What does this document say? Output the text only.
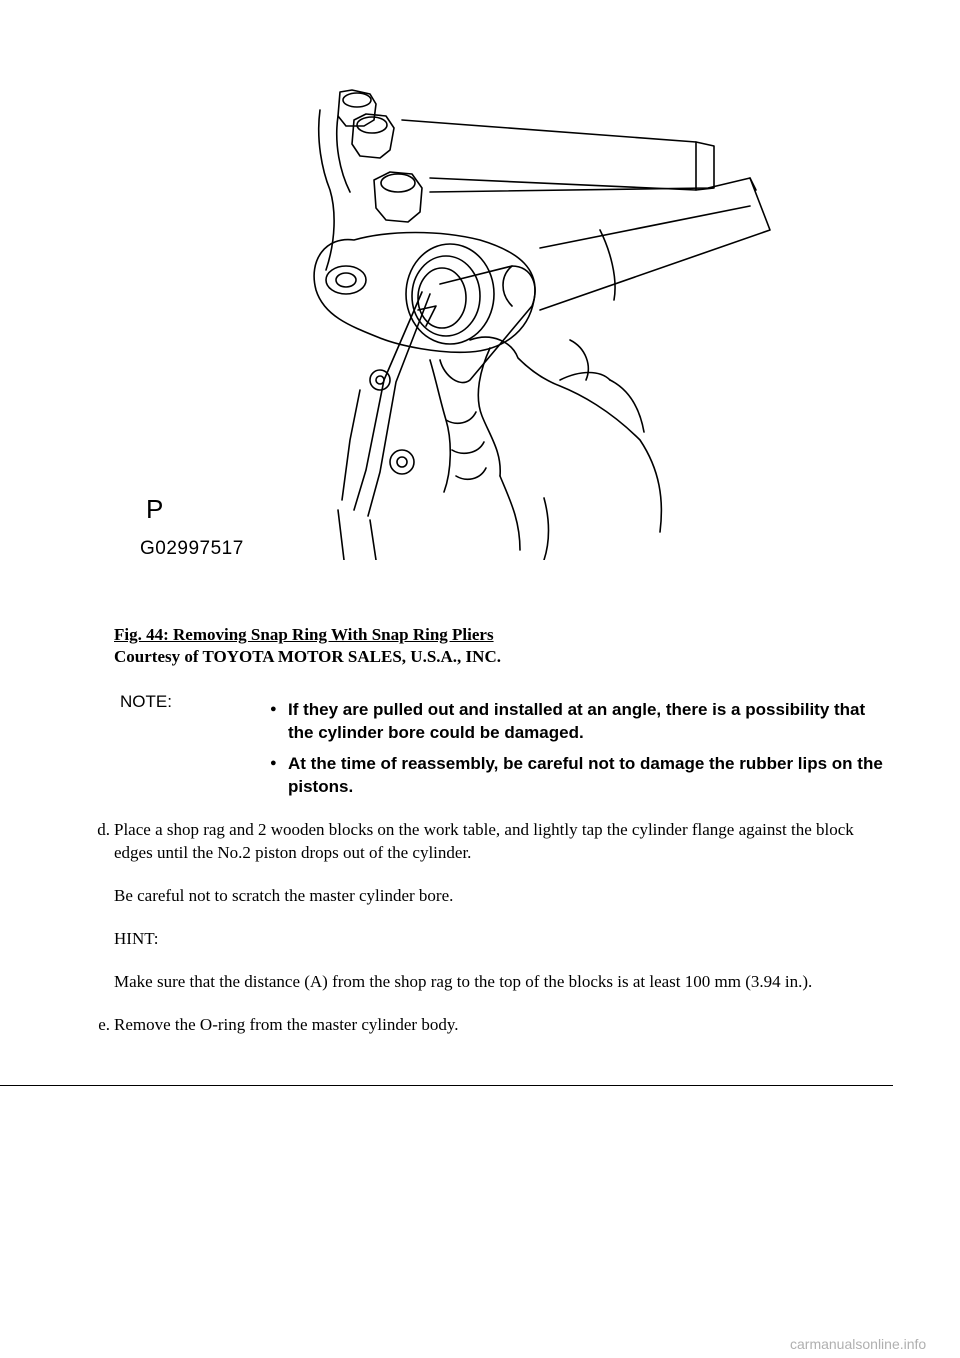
P
G02997517
Fig. 44: Removing Snap Ring With Snap Ring Pliers
Courtesy of TOYOTA MOTOR SALES, U.S.A., INC.
NOTE:
●	If they are pulled out and installed at an angle, there is a possibility that the cylinder bore could be damaged.
● At the time of reassembly, be careful not to damage the rubber lips on the pistons.
d. Place a shop rag and 2 wooden blocks on the work table, and lightly tap the cylinder flange against the block edges until the No.2 piston drops out of the cylinder.

Be careful not to scratch the master cylinder bore.

HINT:

Make sure that the distance (A) from the shop rag to the top of the blocks is at least 100 mm (3.94 in.).

e. Remove the O-ring from the master cylinder body.

carmanualsonline.info
